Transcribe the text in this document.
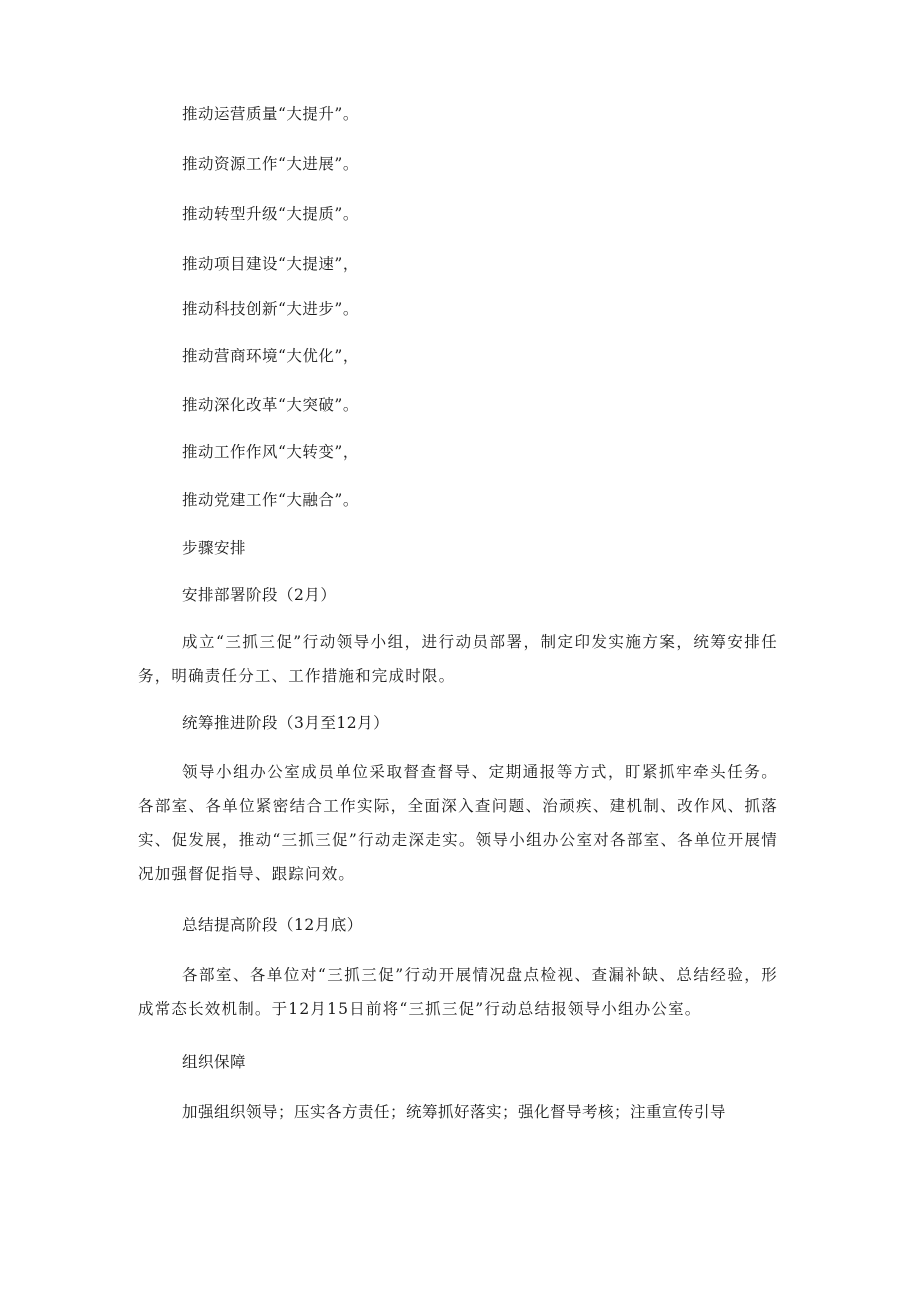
推动运营质量“大提升”。
推动资源工作“大进展”。
推动转型升级“大提质”。
推动项目建设“大提速”，
推动科技创新“大进步”。
推动营商环境“大优化”，
推动深化改革“大突破”。
推动工作作风“大转变”，
推动党建工作“大融合”。
步骤安排
安排部署阶段（2月）
成立“三抓三促”行动领导小组，进行动员部署，制定印发实施方案，统筹安排任务，明确责任分工、工作措施和完成时限。
统筹推进阶段（3月至12月）
领导小组办公室成员单位采取督查督导、定期通报等方式，盯紧抓牢牵头任务。各部室、各单位紧密结合工作实际，全面深入查问题、治顽疾、建机制、改作风、抓落实、促发展，推动“三抓三促”行动走深走实。领导小组办公室对各部室、各单位开展情况加强督促指导、跟踪问效。
总结提高阶段（12月底）
各部室、各单位对“三抓三促”行动开展情况盘点检视、查漏补缺、总结经验，形成常态长效机制。于12月15日前将“三抓三促”行动总结报领导小组办公室。
组织保障
加强组织领导；压实各方责任；统筹抓好落实；强化督导考核；注重宣传引导
